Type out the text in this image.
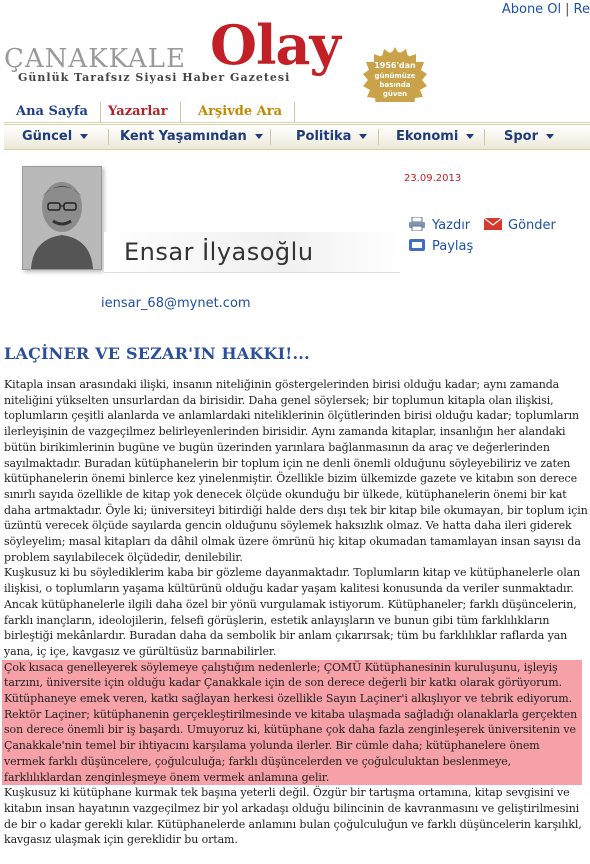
Abone Ol | Re
ÇANAKKALE Olay
Günlük Tarafsız Siyasi Haber Gazetesi
1956'dan
günümüze
basında
güven
Ana Sayfa	Yazarlar	Arşivde Ara
Güncel	Kent Yaşamından	Politika	Ekonomi	Spor
Ensar İlyasoğlu
23.09.2013
iensar_68@mynet.com
Yazdır	Gönder
Paylaş
LAÇİNER VE SEZAR'IN HAKKI!...

Kitapla insan arasındaki ilişki, insanın niteliğinin göstergelerinden birisi olduğu kadar; aynı zamanda niteliğini yükselten unsurlardan da birisidir. Daha genel söylersek; bir toplumun kitapla olan ilişkisi, toplumların çeşitli alanlarda ve anlamlardaki niteliklerinin ölçütlerinden birisi olduğu kadar; toplumların ilerleyişinin de vazgeçilmez belirleyenlerinden birisidir. Aynı zamanda kitaplar, insanlığın her alandaki bütün birikimlerinin bugüne ve bugün üzerinden yarınlara bağlanmasının da araç ve değerlerinden sayılmaktadır. Buradan kütüphanelerin bir toplum için ne denli önemli olduğunu söyleyebiliriz ve zaten kütüphanelerin önemi binlerce kez yinelenmiştir. Özellikle bizim ülkemizde gazete ve kitabın son derece sınırlı sayıda özellikle de kitap yok denecek ölçüde okunduğu bir ülkede, kütüphanelerin önemi bir kat daha artmaktadır. Öyle ki; üniversiteyi bitirdiği halde ders dışı tek bir kitap bile okumayan, bir toplum için üzüntü verecek ölçüde sayılarda gencin olduğunu söylemek haksızlık olmaz. Ve hatta daha ileri giderek söyleyelim; masal kitapları da dâhil olmak üzere ömrünü hiç kitap okumadan tamamlayan insan sayısı da problem sayılabilecek ölçüdedir, denilebilir.

Kuşkusuz ki bu söylediklerim kaba bir gözleme dayanmaktadır. Toplumların kitap ve kütüphanelerle olan ilişkisi, o toplumların yaşama kültürünü olduğu kadar yaşam kalitesi konusunda da veriler sunmaktadır. Ancak kütüphanelerle ilgili daha özel bir yönü vurgulamak istiyorum. Kütüphaneler; farklı düşüncelerin, farklı inançların, ideolojilerin, felsefi görüşlerin, estetik anlayışların ve bunun gibi tüm farklılıkların birleştiği mekânlardır. Buradan daha da sembolik bir anlam çıkarırsak; tüm bu farklılıklar raflarda yan yana, iç içe, kavgasız ve gürültüsüz barınabilirler.

Çok kısaca genelleyerek söylemeye çalıştığım nedenlerle; ÇOMÜ Kütüphanesinin kuruluşunu, işleyiş tarzını, üniversite için olduğu kadar Çanakkale için de son derece değerli bir katkı olarak görüyorum. Kütüphaneye emek veren, katkı sağlayan herkesi özellikle Sayın Laçiner'i alkışlıyor ve tebrik ediyorum. Rektör Laçiner; kütüphanenin gerçekleştirilmesinde ve kitaba ulaşmada sağladığı olanaklarla gerçekten son derece önemli bir iş başardı. Umuyoruz ki, kütüphane çok daha fazla zenginleşerek üniversitenin ve Çanakkale'nin temel bir ihtiyacını karşılama yolunda ilerler. Bir cümle daha; kütüphanelere önem vermek farklı düşüncelere, çoğulculuğa; farklı düşüncelerden ve çoğulculuktan beslenmeye, farklılıklardan zenginleşmeye önem vermek anlamına gelir.

Kuşkusuz ki kütüphane kurmak tek başına yeterli değil. Özgür bir tartışma ortamına, kitap sevgisini ve kitabın insan hayatının vazgeçilmez bir yol arkadaşı olduğu bilincinin de kavranmasını ve geliştirilmesini de bir o kadar gerekli kılar. Kütüphanelerde anlamını bulan çoğulculuğun ve farklı düşüncelerin karşılıkl, kavgasız ulaşmak için gereklidir bu ortam.
